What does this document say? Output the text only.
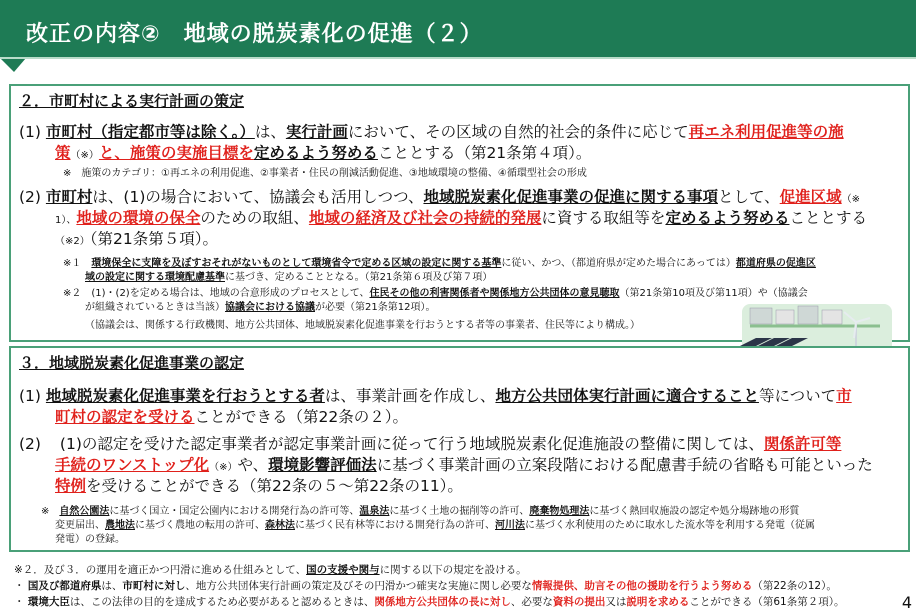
改正の内容②　地域の脱炭素化の促進（２）
２．市町村による実行計画の策定
(1) 市町村（指定都市等は除く。）は、実行計画において、その区域の自然的社会的条件に応じて再エネ利用促進等の施
策（※）と、施策の実施目標を定めるよう努めることとする（第21条第４項）。
※　施策のカテゴリ：①再エネの利用促進、②事業者・住民の削減活動促進、③地域環境の整備、④循環型社会の形成
(2) 市町村は、(1)の場合において、協議会も活用しつつ、地域脱炭素化促進事業の促進に関する事項として、促進区域（※
1）、地域の環境の保全のための取組、地域の経済及び社会の持続的発展に資する取組等を定めるよう努めることとする
（※2）（第21条第５項）。
※１　環境保全に支障を及ぼすおそれがないものとして環境省令で定める区域の設定に関する基準に従い、かつ、（都道府県が定めた場合にあっては）都道府県の促進区
域の設定に関する環境配慮基準に基づき、定めることとなる。（第21条第６項及び第７項）
※２　(1)・(2)を定める場合は、地域の合意形成のプロセスとして、住民その他の利害関係者や関係地方公共団体の意見聴取（第21条第10項及び第11項）や（協議会
が組織されているときは当該）協議会における協議が必要（第21条第12項）。
（協議会は、関係する行政機関、地方公共団体、地域脱炭素化促進事業を行おうとする者等の事業者、住民等により構成。）
３．地域脱炭素化促進事業の認定
(1) 地域脱炭素化促進事業を行おうとする者は、事業計画を作成し、地方公共団体実行計画に適合すること等について市
町村の認定を受けることができる（第22条の２）。
(2) (1)の認定を受けた認定事業者が認定事業計画に従って行う地域脱炭素化促進施設の整備に関しては、関係許可等
手続のワンストップ化（※）や、環境影響評価法に基づく事業計画の立案段階における配慮書手続の省略も可能といった
特例を受けることができる（第22条の５～第22条の11）。
※　自然公園法に基づく国立・国定公園内における開発行為の許可等、温泉法に基づく土地の掘削等の許可、廃棄物処理法に基づく熱回収施設の認定や処分場跡地の形質
変更届出、農地法に基づく農地の転用の許可、森林法に基づく民有林等における開発行為の許可、河川法に基づく水利使用のために取水した流水等を利用する発電（従属
発電）の登録。
※２．及び３．の運用を適正かつ円滑に進める仕組みとして、国の支援や関与に関する以下の規定を設ける。
・ 国及び都道府県は、市町村に対し、地方公共団体実行計画の策定及びその円滑かつ確実な実施に関し必要な情報提供、助言その他の援助を行うよう努める（第22条の12）。
・ 環境大臣は、この法律の目的を達成するため必要があると認めるときは、関係地方公共団体の長に対し、必要な資料の提出又は説明を求めることができる（第61条第２項）。	4
